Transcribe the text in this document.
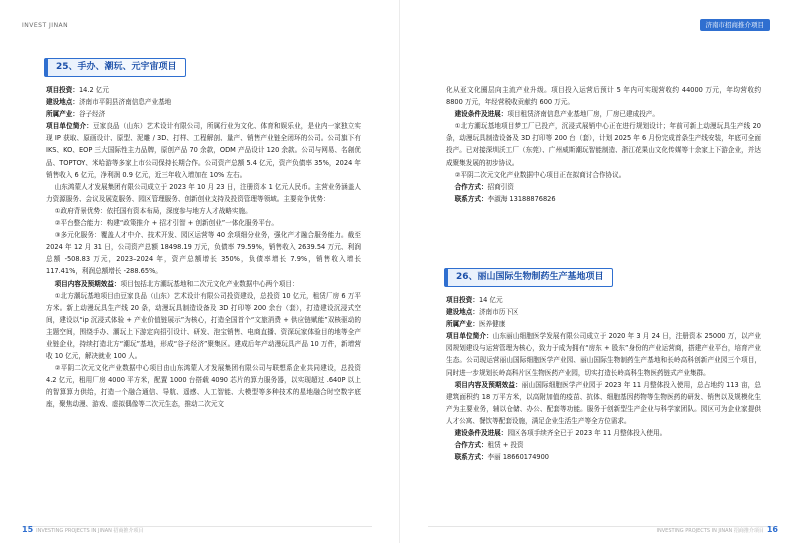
INVEST JINAN
25、手办、潮玩、元宇宙项目

项目投资：14.2 亿元

建设地点：济南市平阴县济南信息产业基地

所属产业：谷子经济

项目单位简介：豆家良品（山东）艺术设计有限公司，所属行业为文化、体育和娱乐业，是业内一家独立实现 IP 获取、原画设计、原型、泥雕 / 3D、打样、工程解剖、量产、销售产业链全闭环的公司。公司旗下有 IKS、KO、EOP 三大国际性主力品牌，原创产品 70 余款，ODM 产品设计 120 余款。公司与网易、名創优品、TOPTOY、米哈游等多家上市公司保持长期合作。公司资产总额 5.4 亿元，资产负债率 35%，2024 年销售收入 6 亿元，净利润 0.9 亿元，近三年收入增加在 10% 左右。

山东鸿蒙人才发展集团有限公司成立于 2023 年 10 月 23 日，注册资本 1 亿元人民币。主营业务涵盖人力资源服务、会议及展览服务、园区管理服务、创新创业支持及投资管理等领域。主要竞争优势：

①政府背景优势：依托国有资本布局，深度参与地方人才战略实施。

②平台整合能力：构建“政策推介 + 招才引智 + 创新创业”一体化服务平台。

③多元化服务：覆盖人才中介、技术开发、园区运营等 40 余项细分业务，强化产才融合服务能力。截至 2024 年 12 月 31 日，公司资产总额 18498.19 万元，负债率 79.59%，销售收入 2639.54 万元、利润总额 -508.83 万元，2023–2024 年，资产总额增长 350%，负债率增长 7.9%，销售收入增长 117.41%，利润总额增长 -288.65%。

项目内容及预期效益：项目包括北方潮玩基地和二次元文化产业数据中心两个项目：

①北方潮玩基地项目由豆家良品（山东）艺术设计有限公司投资建设，总投资 10 亿元，租赁厂房 6 万平方米。新上动漫玩具生产线 20 条，动漫玩具制造设备及 3D 打印等 200 余台（套），打造建设沉浸式空间，建设以“ip 沉浸式体验 + 产业价值链展示”为核心，打造全国首个“文旅消费 + 供应链赋能”双核驱动的主题空间，围绕手办、潮玩上下游定向招引设计、研发、泡宝销售、电商直播、资深玩家体验目的地等全产业链企业，持续打造北方“潮玩”基地，形成“谷子经济”聚集区。建成后年产动漫玩具产品 10 万件，新增营收 10 亿元，解决就业 100 人。

②平阴二次元文化产业数据中心项目由山东鸿蒙人才发展集团有限公司与联想系企业共同建设，总投资 4.2 亿元，租用厂房 4000 平方米，配置 1000 台搭载 4090 芯片的算力服务器，以实现超过 .640P 以上的智算算力供给，打造一个融合通信、导航、遥感、人工智能、大模型等多种技术的星地融合时空数字底座，聚焦动漫、游戏、虚拟偶像等二次元生态，推动二次元文

15 INVESTING PROJECTS IN JINAN 招商推介项目
济南市招商推介项目

化从亚文化圈层向主流产业升级。项目投入运营后预计 5 年内可实现营收约 44000 万元，年均营收约 8800 万元，年经营税收贡献约 600 万元。

建设条件及进展：项目租赁济南信息产业基地厂房，厂房已建成投产。

①北方潮玩基地项目梦工厂已投产，沉浸式展销中心正在进行规划设计；年前可新上动漫玩具生产线 20 条，动漫玩具制造设备及 3D 打印等 200 台（套），计划 2025 年 6 月份完成首条生产线安装，年底可全面投产。已对接深圳沃工厂（东莞）、广州威斯潮玩智能制造、浙江花果山文化传媒等十余家上下游企业，并达成聚集发展的初步协议。

②平阴二次元文化产业数据中心项目正在拟商讨合作协议。

合作方式：招商引资

联系方式：李淑海 13188876826

26、丽山国际生物制药生产基地项目

项目投资：14 亿元

建设地点：济南市历下区

所属产业：医养健康

项目单位简介：山东丽山细胞医学发展有限公司成立于 2020 年 3 月 24 日，注册资本 25000 万，以产业园规划建设与运营管理为核心，致力于成为拥有“房东 + 股东”身份的产业运营商，搭建产业平台，培育产业生态。公司现运营丽山国际细胞医学产业园、丽山国际生物制药生产基地和长岭高科创新产业园三个项目，同时进一步规划长岭高科片区生物医药产业园，切实打造长岭高科生物医药链式产业集群。

项目内容及预期效益：丽山国际细胞医学产业园于 2023 年 11 月整体投入使用，总占地约 113 亩，总建筑面积约 18 万平方米，以高附加值的疫苗、抗体、细胞基因药物等生物医药的研发、销售以及规模化生产为主要业务，辅以仓储、办公、配套等功能。服务于创新型生产企业与科学家团队。园区可为企业家提供人才公寓、餐饮等配套设施，满足企业生活生产等全方位需求。

建设条件及进展：园区各项手续齐全已于 2023 年 11 月整体投入使用。

合作方式：租赁 + 投资

联系方式：李丽 18660174900

INVESTING PROJECTS IN JINAN 招商推介项目 16
